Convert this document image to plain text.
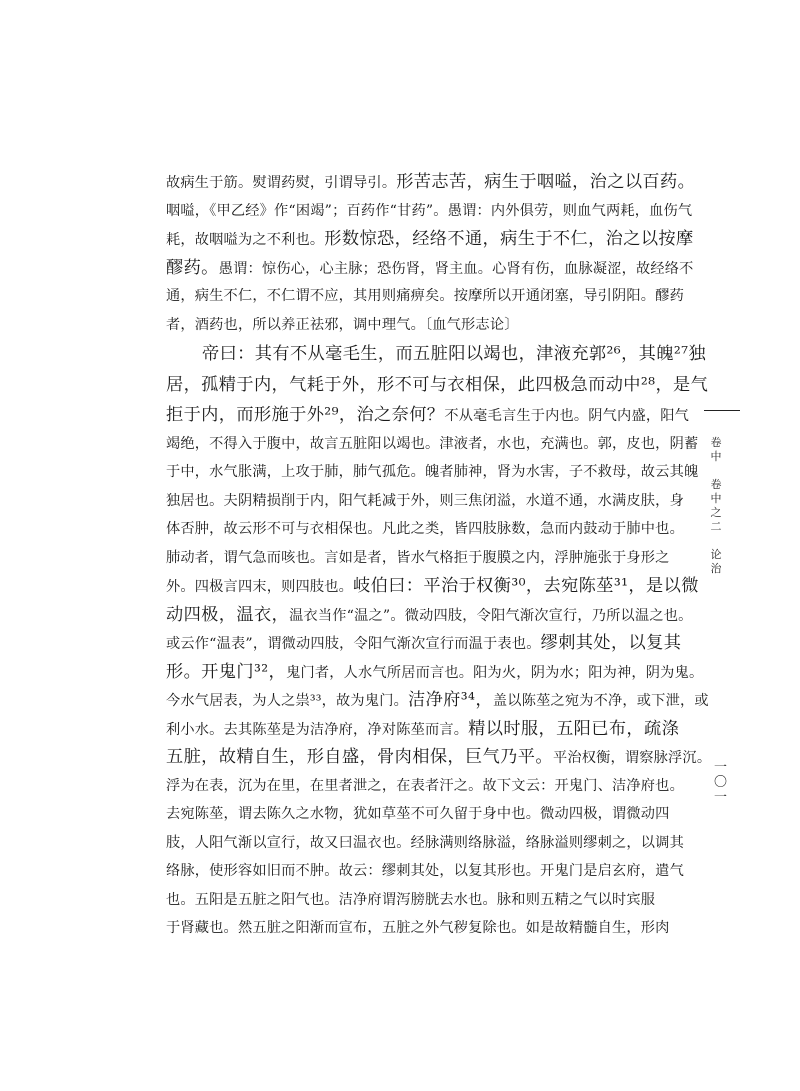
故病生于筋。熨谓药熨，引谓导引。形苦志苦，病生于咽嗌，治之以百药。
咽嗌，《甲乙经》作“困竭”；百药作“甘药”。愚谓：内外俱劳，则血气两耗，血伤气
耗，故咽嗌为之不利也。形数惊恐，经络不通，病生于不仁，治之以按摩
醪药。愚谓：惊伤心，心主脉；恐伤肾，肾主血。心肾有伤，血脉凝涩，故经络不
通，病生不仁，不仁谓不应，其用则痛痹矣。按摩所以开通闭塞，导引阴阳。醪药
者，酒药也，所以养正祛邪，调中理气。〔血气形志论〕
帝曰：其有不从毫毛生，而五脏阳以竭也，津液充郭²⁶，其魄²⁷独
居，孤精于内，气耗于外，形不可与衣相保，此四极急而动中²⁸，是气
拒于内，而形施于外²⁹，治之奈何？不从毫毛言生于内也。阴气内盛，阳气
竭绝，不得入于腹中，故言五脏阳以竭也。津液者，水也，充满也。郭，皮也，阴蓄
于中，水气胀满，上攻于肺，肺气孤危。魄者肺神，肾为水害，子不救母，故云其魄
独居也。夫阴精损削于内，阳气耗减于外，则三焦闭溢，水道不通，水满皮肤，身
体否肿，故云形不可与衣相保也。凡此之类，皆四肢脉数，急而内鼓动于肺中也。
肺动者，谓气急而咳也。言如是者，皆水气格拒于腹膜之内，浮肿施张于身形之
外。四极言四末，则四肢也。岐伯曰：平治于权衡³⁰，去宛陈莝³¹，是以微
动四极，温衣，温衣当作“温之”。微动四肢，令阳气渐次宣行，乃所以温之也。
或云作“温表”，谓微动四肢，令阳气渐次宣行而温于表也。缪刺其处，以复其
形。开鬼门³²，鬼门者，人水气所居而言也。阳为火，阴为水；阳为神，阴为鬼。
今水气居表，为人之祟³³，故为鬼门。洁净府³⁴，盖以陈莝之宛为不净，或下泄，或
利小水。去其陈莝是为洁净府，净对陈莝而言。精以时服，五阳已布，疏涤
五脏，故精自生，形自盛，骨肉相保，巨气乃平。平治权衡，谓察脉浮沉。
浮为在表，沉为在里，在里者泄之，在表者汗之。故下文云：开鬼门、洁净府也。
去宛陈莝，谓去陈久之水物，犹如草莝不可久留于身中也。微动四极，谓微动四
肢，人阳气渐以宣行，故又曰温衣也。经脉满则络脉溢，络脉溢则缪刺之，以调其
络脉，使形容如旧而不肿。故云：缪刺其处，以复其形也。开鬼门是启玄府，遣气
也。五阳是五脏之阳气也。洁净府谓泻膀胱去水也。脉和则五精之气以时宾服
于肾藏也。然五脏之阳渐而宣布，五脏之外气秽复除也。如是故精髓自生，形肉
卷
中

卷
中
之
二

论
治
一
〇
一
